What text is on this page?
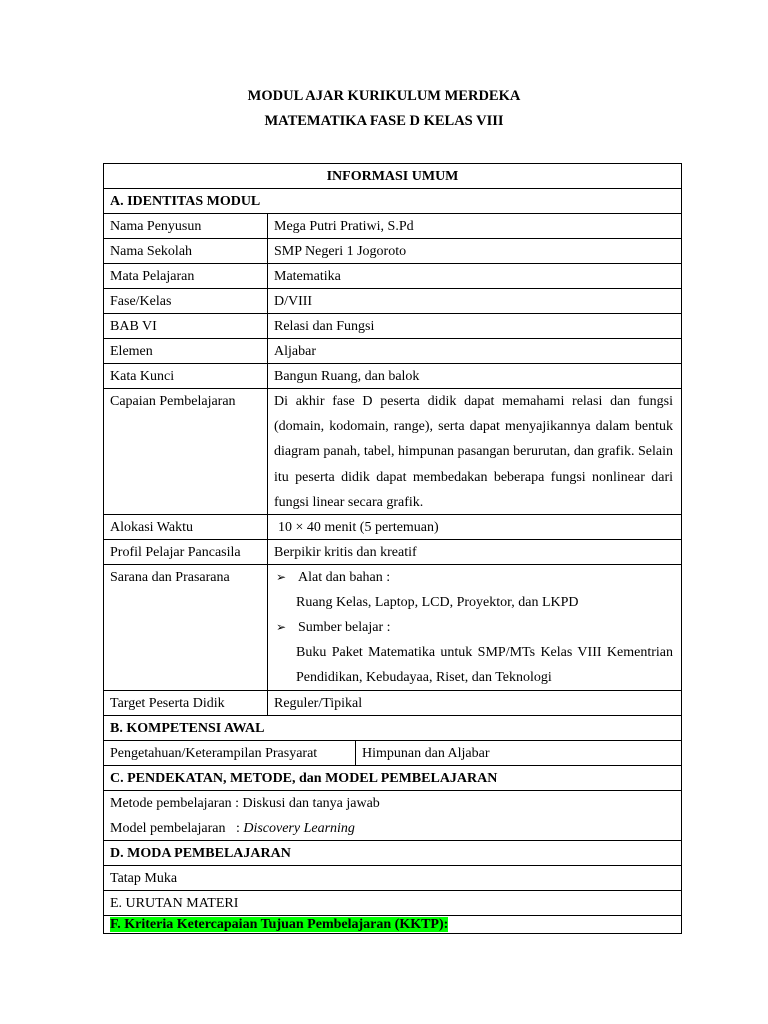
MODUL AJAR KURIKULUM MERDEKA
MATEMATIKA FASE D KELAS VIII
INFORMASI UMUM
A. IDENTITAS MODUL
Nama Penyusun	Mega Putri Pratiwi, S.Pd
Nama Sekolah	SMP Negeri 1 Jogoroto
Mata Pelajaran	Matematika
Fase/Kelas	D/VIII
BAB VI	Relasi dan Fungsi
Elemen	Aljabar
Kata Kunci	Bangun Ruang, dan balok
Capaian Pembelajaran	Di akhir fase D peserta didik dapat memahami relasi dan fungsi (domain, kodomain, range), serta dapat menyajikannya dalam bentuk diagram panah, tabel, himpunan pasangan berurutan, dan grafik. Selain itu peserta didik dapat membedakan beberapa fungsi nonlinear dari fungsi linear secara grafik.
Alokasi Waktu	10 × 40 menit (5 pertemuan)
Profil Pelajar Pancasila	Berpikir kritis dan kreatif
Sarana dan Prasarana	➢ Alat dan bahan :
Ruang Kelas, Laptop, LCD, Proyektor, dan LKPD
➢ Sumber belajar :
Buku Paket Matematika untuk SMP/MTs Kelas VIII Kementrian Pendidikan, Kebudayaa, Riset, dan Teknologi
Target Peserta Didik	Reguler/Tipikal
B. KOMPETENSI AWAL
Pengetahuan/Keterampilan Prasyarat	Himpunan dan Aljabar
C. PENDEKATAN, METODE, dan MODEL PEMBELAJARAN
Metode pembelajaran : Diskusi dan tanya jawab
Model pembelajaran   : Discovery Learning
D. MODA PEMBELAJARAN
Tatap Muka
E. URUTAN MATERI
F. Kriteria Ketercapaian Tujuan Pembelajaran (KKTP):
